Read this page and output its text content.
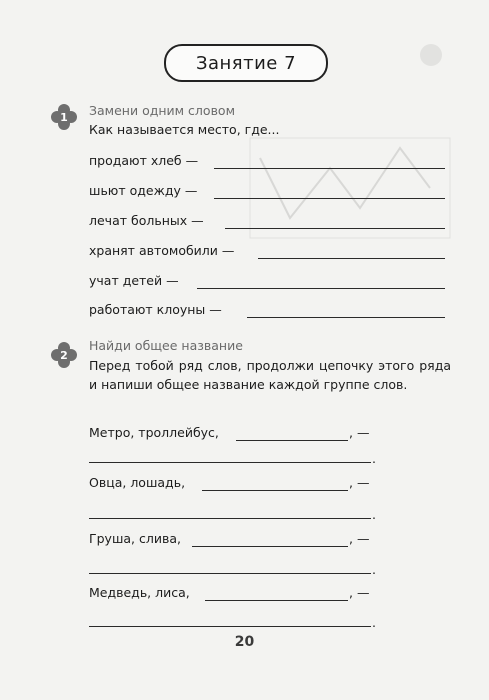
Занятие 7
1	Замени одним словом
Как называется место, где...
продают хлеб —
шьют одежду —
лечат больных —
хранят автомобили —
учат детей —
работают клоуны —
2
Найди общее название
Перед тобой ряд слов, продолжи цепочку этого ряда и напиши общее название каждой группе слов.
Метро, троллейбус,	, —
.
Овца, лошадь,	, —
.
Груша, слива,	, —
.
Медведь, лиса,	, —
.
20
